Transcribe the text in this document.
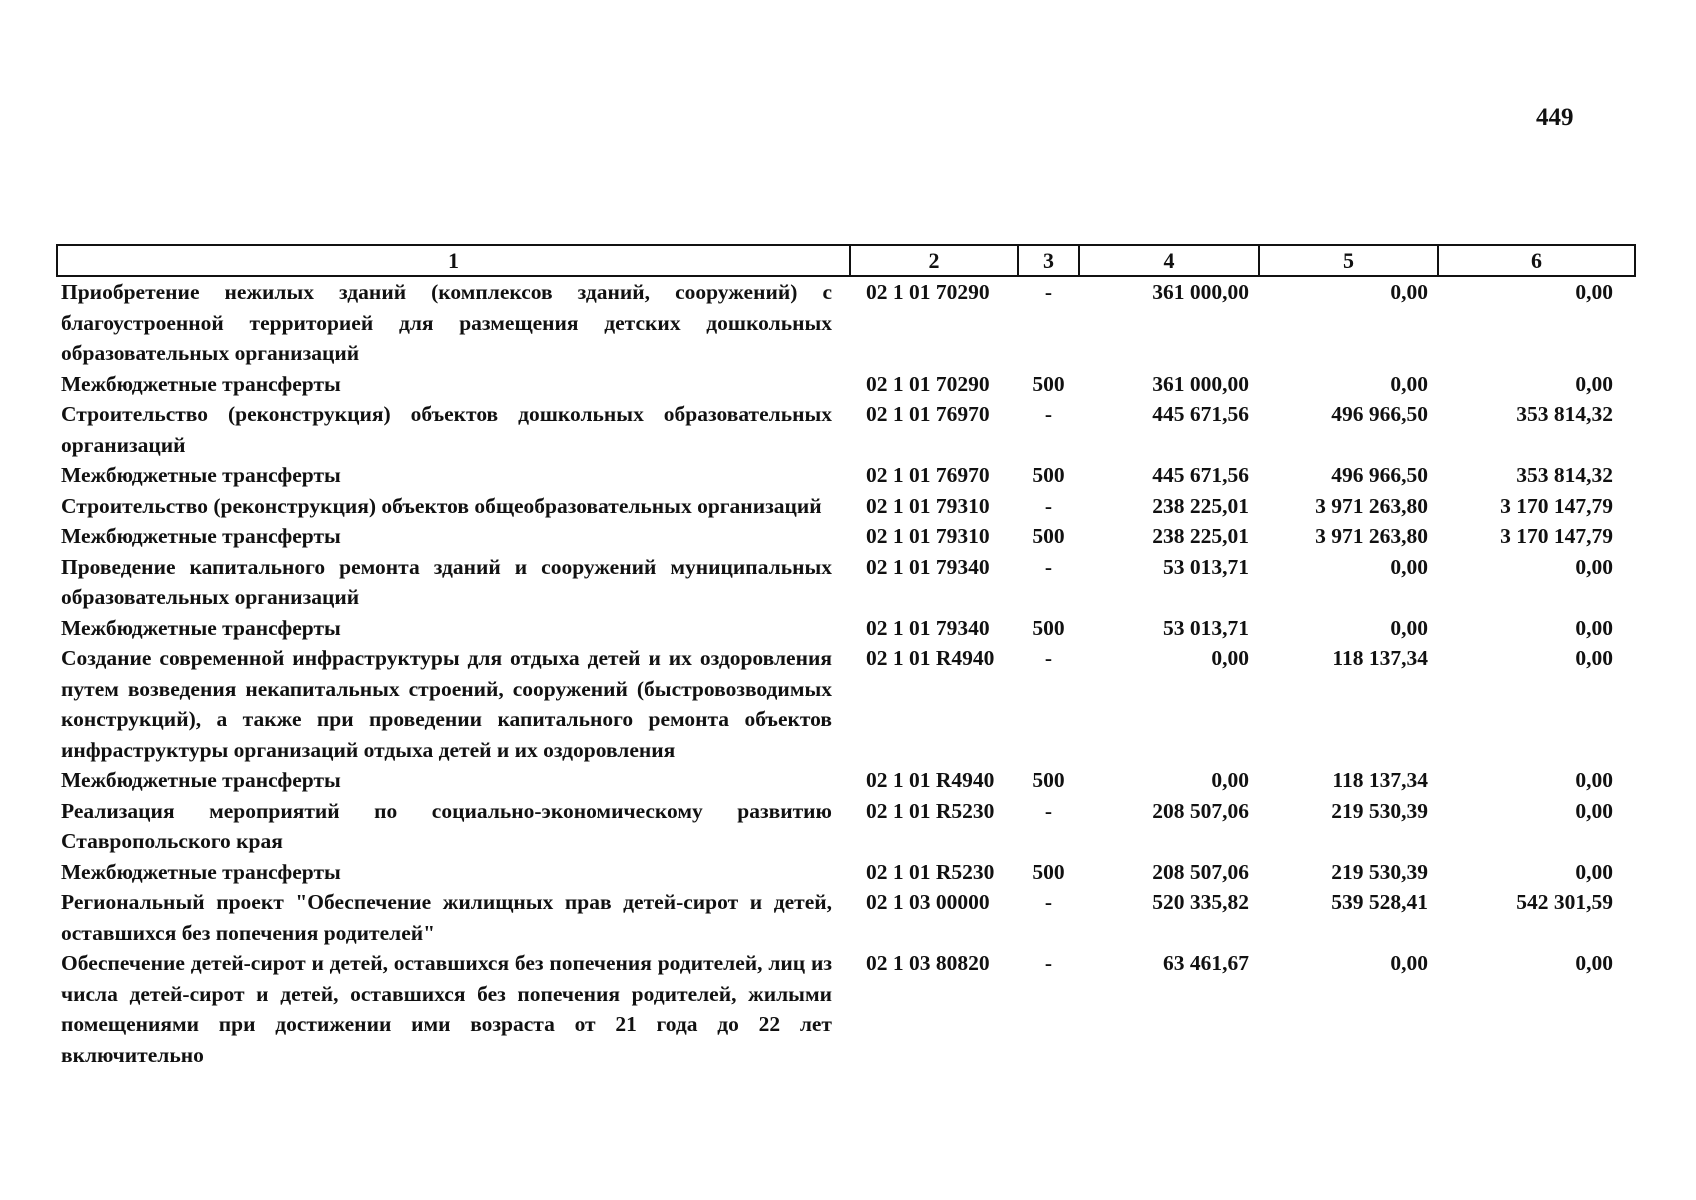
449
1	2	3	4	5	6
Приобретение нежилых зданий (комплексов зданий, сооружений) с благоустроенной территорией для размещения детских дошкольных образовательных организаций	02 1 01 70290	-	361 000,00	0,00	0,00
Межбюджетные трансферты	02 1 01 70290	500	361 000,00	0,00	0,00
Строительство (реконструкция) объектов дошкольных образовательных организаций	02 1 01 76970	-	445 671,56	496 966,50	353 814,32
Межбюджетные трансферты	02 1 01 76970	500	445 671,56	496 966,50	353 814,32
Строительство (реконструкция) объектов общеобразовательных организаций	02 1 01 79310	-	238 225,01	3 971 263,80	3 170 147,79
Межбюджетные трансферты	02 1 01 79310	500	238 225,01	3 971 263,80	3 170 147,79
Проведение капитального ремонта зданий и сооружений муниципальных образовательных организаций	02 1 01 79340	-	53 013,71	0,00	0,00
Межбюджетные трансферты	02 1 01 79340	500	53 013,71	0,00	0,00
Создание современной инфраструктуры для отдыха детей и их оздоровления путем возведения некапитальных строений, сооружений (быстровозводимых конструкций), а также при проведении капитального ремонта объектов инфраструктуры организаций отдыха детей и их оздоровления	02 1 01 R4940	-	0,00	118 137,34	0,00
Межбюджетные трансферты	02 1 01 R4940	500	0,00	118 137,34	0,00
Реализация мероприятий по социально-экономическому развитию Ставропольского края	02 1 01 R5230	-	208 507,06	219 530,39	0,00
Межбюджетные трансферты	02 1 01 R5230	500	208 507,06	219 530,39	0,00
Региональный проект "Обеспечение жилищных прав детей-сирот и детей, оставшихся без попечения родителей"	02 1 03 00000	-	520 335,82	539 528,41	542 301,59
Обеспечение детей-сирот и детей, оставшихся без попечения родителей, лиц из числа детей-сирот и детей, оставшихся без попечения родителей, жилыми помещениями при достижении ими возраста от 21 года до 22 лет включительно	02 1 03 80820	-	63 461,67	0,00	0,00
